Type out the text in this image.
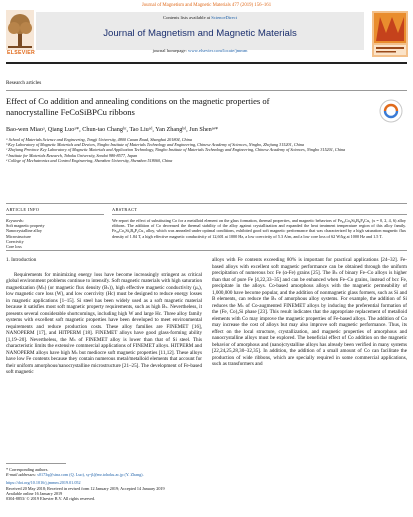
Journal of Magnetism and Magnetic Materials 477 (2019) 156–161
ELSEVIER
Contents lists available at ScienceDirect
Journal of Magnetism and Magnetic Materials
journal homepage: www.elsevier.com/locate/jmmm
Research articles
Effect of Co addition and annealing conditions on the magnetic properties of
nanocrystalline FeCoSiBPCu ribbons
Bao-wen Miaoᵃ, Qiang Luoᵃ*, Chun-tao Changᵇᶜ, Tao Liuᵃᵈ, Yan Zhangᵇᵈ, Jun Shenᵃᵉ*
ᵃ School of Materials Science and Engineering, Tongji University, 4800 Caoan Road, Shanghai 201804, China
ᵇ Key Laboratory of Magnetic Materials and Devices, Ningbo Institute of Materials Technology and Engineering, Chinese Academy of Sciences, Ningbo, Zhejiang 315201, China
ᶜ Zhejiang Province Key Laboratory of Magnetic Materials and Application Technology, Ningbo Institute of Materials Technology and Engineering, Chinese Academy of Sciences, Ningbo 315201, China
ᵈ Institute for Materials Research, Tohoku University, Sendai 980-8577, Japan
ᵉ College of Mechatronics and Control Engineering, Shenzhen University, Shenzhen 518060, China
ARTICLE INFO	ABSTRACT
Keywords:
Soft magnetic property
Nanocrystalline alloy
Microstructure
Coercivity
Core loss
We report the effect of substituting Co for a metalloid element on the glass formation, thermal properties, and magnetic behaviors of Fe₈₃Co₀Si₂B₈P₆Cu₁ (x = 0, 2, 4, 6) alloy ribbons. The addition of Co decreased the thermal stability of the alloy against crystallization and expanded the heat treatment temperature region of this alloy family. Fe₈₃Co₄Si₂B₈P₂Cu₁ alloy, which was annealed under optimal conditions, exhibited good soft magnetic performance that was characterized by a high saturation magnetic flux density of 1.84 T, a high effective magnetic conductivity of 12,601 at 1000 Hz, a low coercivity of 5.3 A/m, and a low core loss of 62 W/kg at 1000 Hz and 1.5 T.
1. Introduction

Requirements for minimizing energy loss have become increasingly stringent as critical global environment problems continue to intensify. Soft magnetic materials with high saturation magnetization (Mₛ) (or magnetic flux density (Bₛ)), high effective magnetic conductivity (μₑ), low magnetic core loss (W), and low coercivity (Hc) must be designed to reduce energy losses in magnetic applications [1–15]. Si steel has been widely used as a soft magnetic material because it satisfies most soft magnetic property requirements, such as high Bₛ. Nevertheless, it presents several considerable shortcomings, including high W and large Hc. Three alloy family systems with excellent soft magnetic properties have been developed to meet environmental requirements and reduce production costs. These alloy families are FINEMET [16], NANOPERM [17], and HITPERM [18]. FINEMET alloys have good glass-forming ability [1,19–20]. Nevertheless, the Mₛ of FINEMET alloy is lower than that of Si steel. This characteristic limits the extensive commercial applications of FINEMET alloys. HITPERM and NANOPERM alloys have high Mₛ but mediocre soft magnetic properties [11,12]. These alloys have low Fe contents because they contain numerous metal/metalloid elements that account for their uniform amorphous/nanocrystalline microstructure [21–25]. The development of Fe-based soft magnetic

alloys with Fe contents exceeding 80% is important for practical applications [24–32]. Fe-based alloys with excellent soft magnetic performance can be obtained through the uniform precipitation of numerous bcc Fe (α-Fe) grains [25]. The Bₛ of binary Fe–Co alloys is higher than that of pure Fe [4,22,33–35] and can be enhanced when Fe–Co grains, instead of bcc Fe, precipitate in the alloys. Co-based amorphous alloys with the magnetic permeability of 1,000,000 have become popular, and the addition of nonmagnetic glass formers, such as Si and B elements, can reduce the Bₛ of amorphous alloy systems. For example, the addition of Si reduces the Mₛ of Co-augmented FINEMET alloys by inducing the preferential formation of the (Fe, Co)₃Si phase [23]. This result indicates that the appropriate replacement of metalloid elements with Co may improve the magnetic properties of Fe-based alloys. The addition of Co may increase the cost of alloys but may also improve soft magnetic performance. Thus, its effect on the local structure, crystallization, and magnetic properties of amorphous and nanocrystalline alloys must be explored. The beneficial effect of Co addition on the magnetic behavior of amorphous and (nano)crystalline alloys has already been verified in many systems [22,24,25,28,30–32,35]. In addition, the addition of a small amount of Co can facilitate the production of wide ribbons, which are specially required in some commercial applications, such as transformers and

* Corresponding authors.
E-mail addresses: s0173q@sina.com (Q. Luo), sy-jl@mr.tohoku.ac.jp (Y. Zhang).
https://doi.org/10.1016/j.jmmm.2019.01.052
Received 20 May 2018; Received in revised form 12 January 2019; Accepted 14 January 2019
Available online 16 January 2019
0304-8853/ © 2019 Elsevier B.V. All rights reserved.
